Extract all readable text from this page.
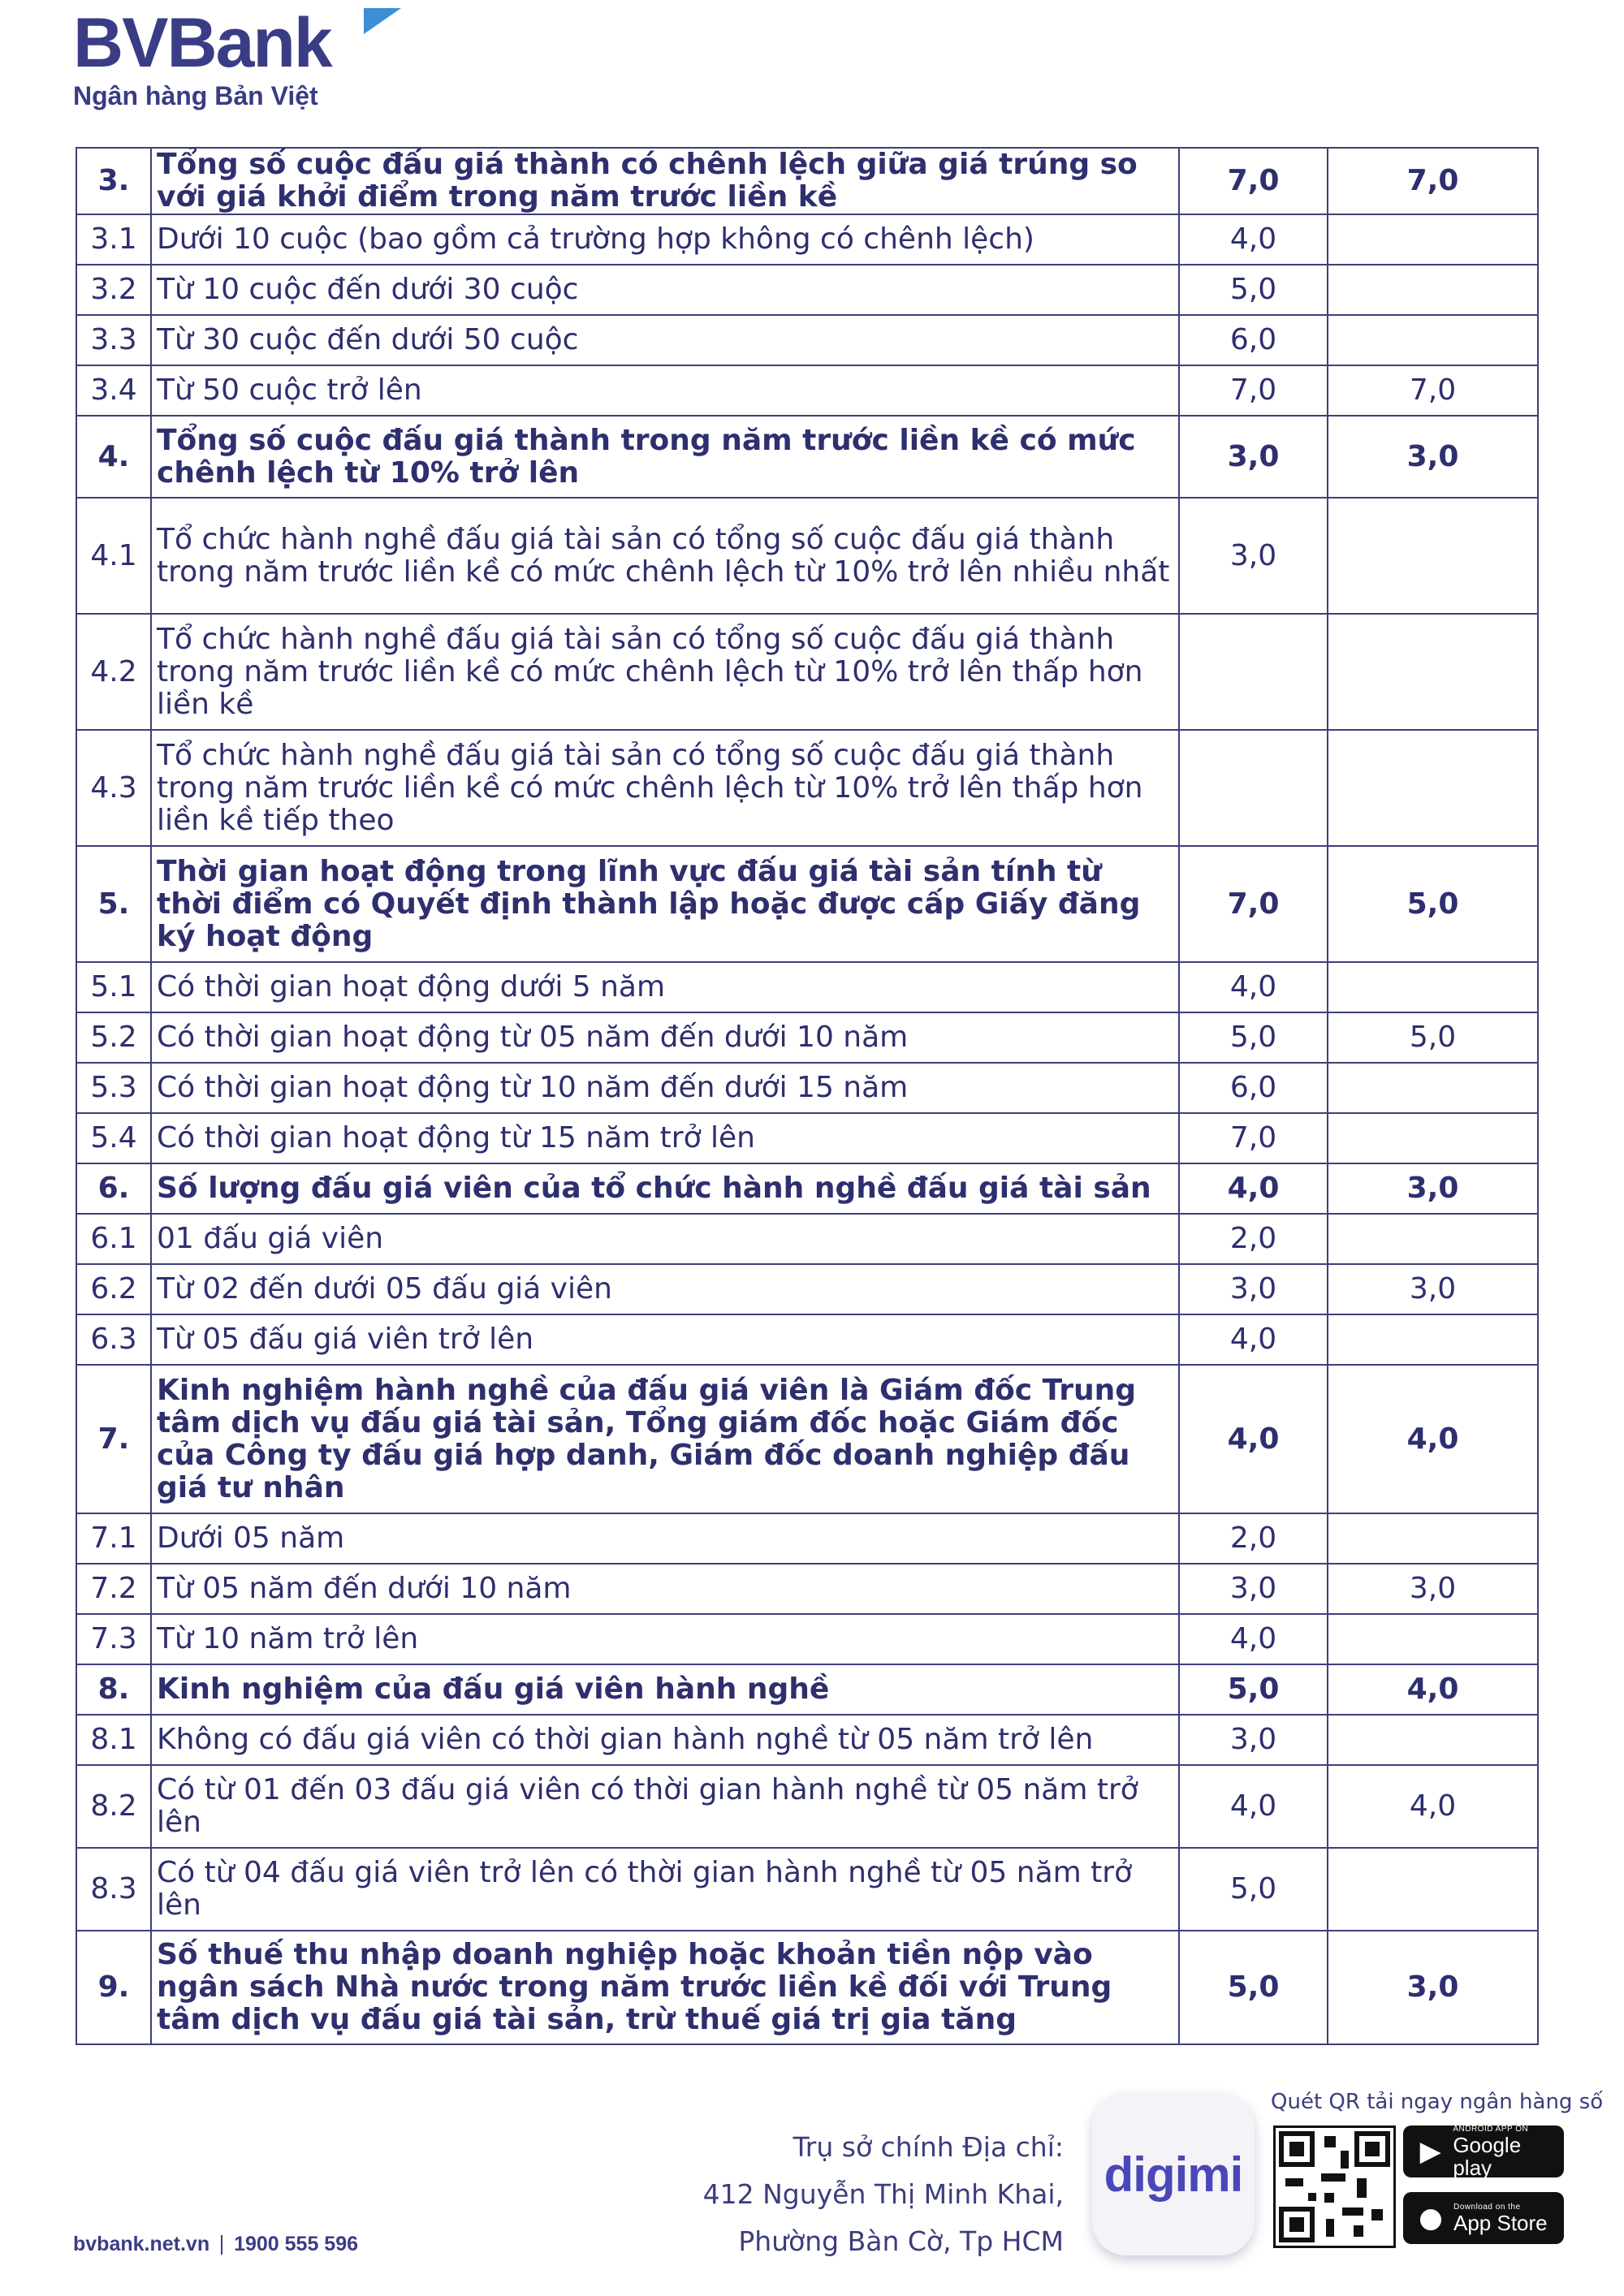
BVBank
Ngân hàng Bản Việt
3.	Tổng số cuộc đấu giá thành có chênh lệch giữa giá trúng so với giá khởi điểm trong năm trước liền kề	7,0	7,0
3.1	Dưới 10 cuộc (bao gồm cả trường hợp không có chênh lệch)	4,0	
3.2	Từ 10 cuộc đến dưới 30 cuộc	5,0	
3.3	Từ 30 cuộc đến dưới 50 cuộc	6,0	
3.4	Từ 50 cuộc trở lên	7,0	7,0
4.	Tổng số cuộc đấu giá thành trong năm trước liền kề có mức chênh lệch từ 10% trở lên	3,0	3,0
4.1	Tổ chức hành nghề đấu giá tài sản có tổng số cuộc đấu giá thành trong năm trước liền kề có mức chênh lệch từ 10% trở lên nhiều nhất	3,0	
4.2	Tổ chức hành nghề đấu giá tài sản có tổng số cuộc đấu giá thành trong năm trước liền kề có mức chênh lệch từ 10% trở lên thấp hơn liền kề		
4.3	Tổ chức hành nghề đấu giá tài sản có tổng số cuộc đấu giá thành trong năm trước liền kề có mức chênh lệch từ 10% trở lên thấp hơn liền kề tiếp theo		
5.	Thời gian hoạt động trong lĩnh vực đấu giá tài sản tính từ thời điểm có Quyết định thành lập hoặc được cấp Giấy đăng ký hoạt động	7,0	5,0
5.1	Có thời gian hoạt động dưới 5 năm	4,0	
5.2	Có thời gian hoạt động từ 05 năm đến dưới 10 năm	5,0	5,0
5.3	Có thời gian hoạt động từ 10 năm đến dưới 15 năm	6,0	
5.4	Có thời gian hoạt động từ 15 năm trở lên	7,0	
6.	Số lượng đấu giá viên của tổ chức hành nghề đấu giá tài sản	4,0	3,0
6.1	01 đấu giá viên	2,0	
6.2	Từ 02 đến dưới 05 đấu giá viên	3,0	3,0
6.3	Từ 05 đấu giá viên trở lên	4,0	
7.	Kinh nghiệm hành nghề của đấu giá viên là Giám đốc Trung tâm dịch vụ đấu giá tài sản, Tổng giám đốc hoặc Giám đốc của Công ty đấu giá hợp danh, Giám đốc doanh nghiệp đấu giá tư nhân	4,0	4,0
7.1	Dưới 05 năm	2,0	
7.2	Từ 05 năm đến dưới 10 năm	3,0	3,0
7.3	Từ 10 năm trở lên	4,0	
8.	Kinh nghiệm của đấu giá viên hành nghề	5,0	4,0
8.1	Không có đấu giá viên có thời gian hành nghề từ 05 năm trở lên	3,0	
8.2	Có từ 01 đến 03 đấu giá viên có thời gian hành nghề từ 05 năm trở lên	4,0	4,0
8.3	Có từ 04 đấu giá viên trở lên có thời gian hành nghề từ 05 năm trở lên	5,0	
9.	Số thuế thu nhập doanh nghiệp hoặc khoản tiền nộp vào ngân sách Nhà nước trong năm trước liền kề đối với Trung tâm dịch vụ đấu giá tài sản, trừ thuế giá trị gia tăng	5,0	3,0
Trụ sở chính Địa chỉ:
412 Nguyễn Thị Minh Khai,
Phường Bàn Cờ, Tp HCM
digimi
Quét QR tải ngay ngân hàng số
▶
ANDROID APP ON
Google play
●	Download on the
App Store
bvbank.net.vn 1900 555 596
